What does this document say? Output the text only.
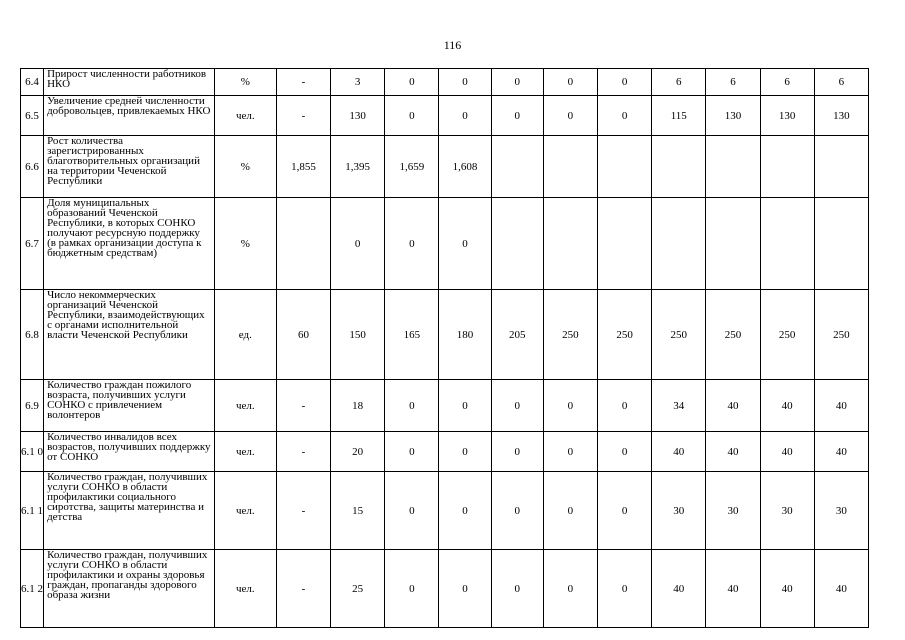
116
6.4	Прирост численности работников НКО	%	-	3	0	0	0	0	0	6	6	6	6
6.5	Увеличение средней численности добровольцев, привлекаемых НКО	чел.	-	130	0	0	0	0	0	115	130	130	130
6.6	Рост количества зарегистрированных благотворительных организаций на территории Чеченской Республики	%	1,855	1,395	1,659	1,608							
6.7	Доля муниципальных образований Чеченской Республики, в которых СОНКО получают ресурсную поддержку (в рамках организации доступа к бюджетным средствам)	%		0	0	0							
6.8	Число некоммерческих организаций Чеченской Республики, взаимодействующих с органами исполнительной власти Чеченской Республики	ед.	60	150	165	180	205	250	250	250	250	250	250
6.9	Количество граждан пожилого возраста, получивших услуги СОНКО с привлечением волонтеров	чел.	-	18	0	0	0	0	0	34	40	40	40
6.1 0	Количество инвалидов всех возрастов, получивших поддержку от СОНКО	чел.	-	20	0	0	0	0	0	40	40	40	40
6.1 1	Количество граждан, получивших услуги СОНКО в области профилактики социального сиротства, защиты материнства и детства	чел.	-	15	0	0	0	0	0	30	30	30	30
6.1 2	Количество граждан, получивших услуги СОНКО в области профилактики и охраны здоровья граждан, пропаганды здорового образа жизни	чел.	-	25	0	0	0	0	0	40	40	40	40
